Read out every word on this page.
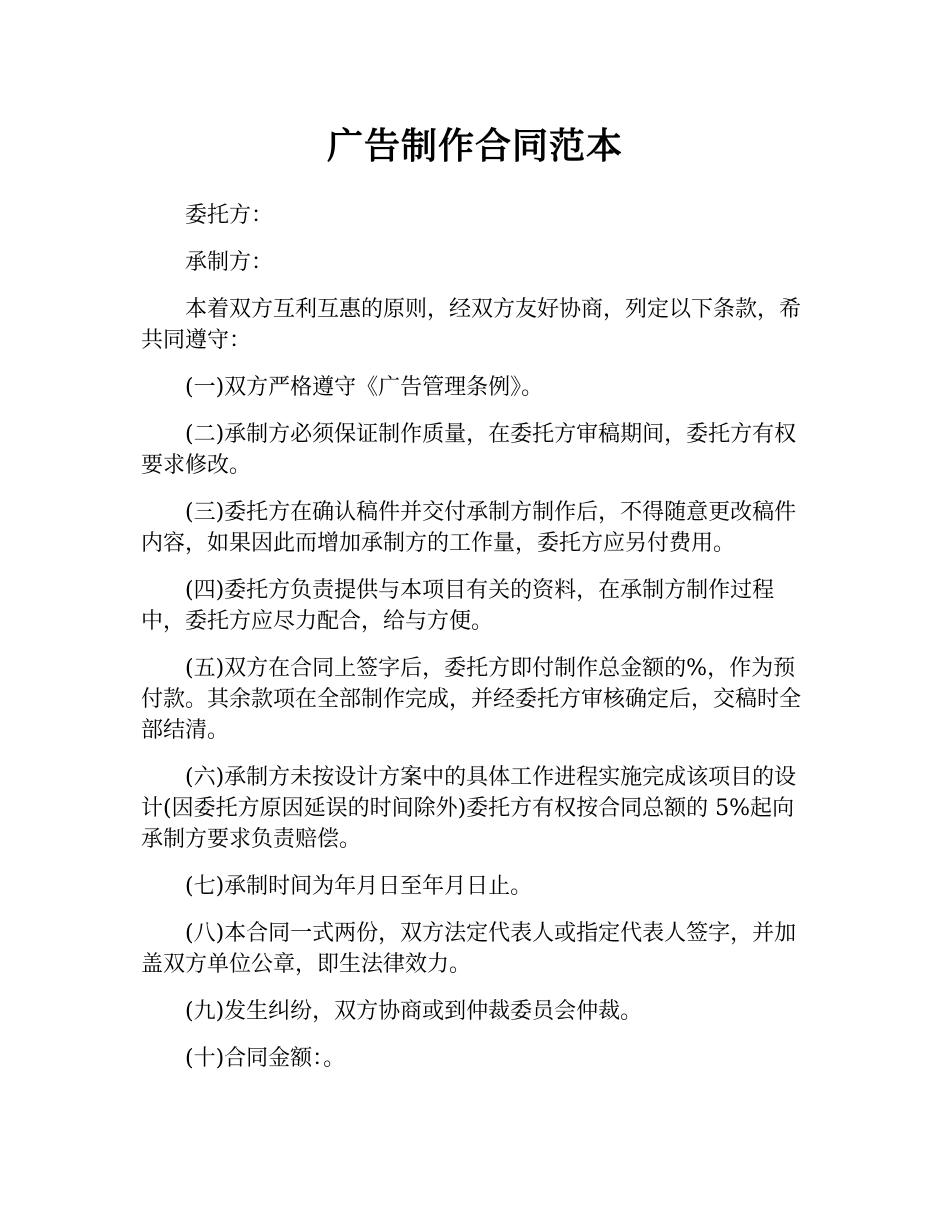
广告制作合同范本

委托方：

承制方：

本着双方互利互惠的原则，经双方友好协商，列定以下条款，希共同遵守：

(一)双方严格遵守《广告管理条例》。

(二)承制方必须保证制作质量，在委托方审稿期间，委托方有权要求修改。

(三)委托方在确认稿件并交付承制方制作后，不得随意更改稿件内容，如果因此而增加承制方的工作量，委托方应另付费用。

(四)委托方负责提供与本项目有关的资料，在承制方制作过程中，委托方应尽力配合，给与方便。

(五)双方在合同上签字后，委托方即付制作总金额的%，作为预付款。其余款项在全部制作完成，并经委托方审核确定后，交稿时全部结清。

(六)承制方未按设计方案中的具体工作进程实施完成该项目的设计(因委托方原因延误的时间除外)委托方有权按合同总额的 5%起向承制方要求负责赔偿。

(七)承制时间为年月日至年月日止。

(八)本合同一式两份，双方法定代表人或指定代表人签字，并加盖双方单位公章，即生法律效力。

(九)发生纠纷，双方协商或到仲裁委员会仲裁。

(十)合同金额：。
